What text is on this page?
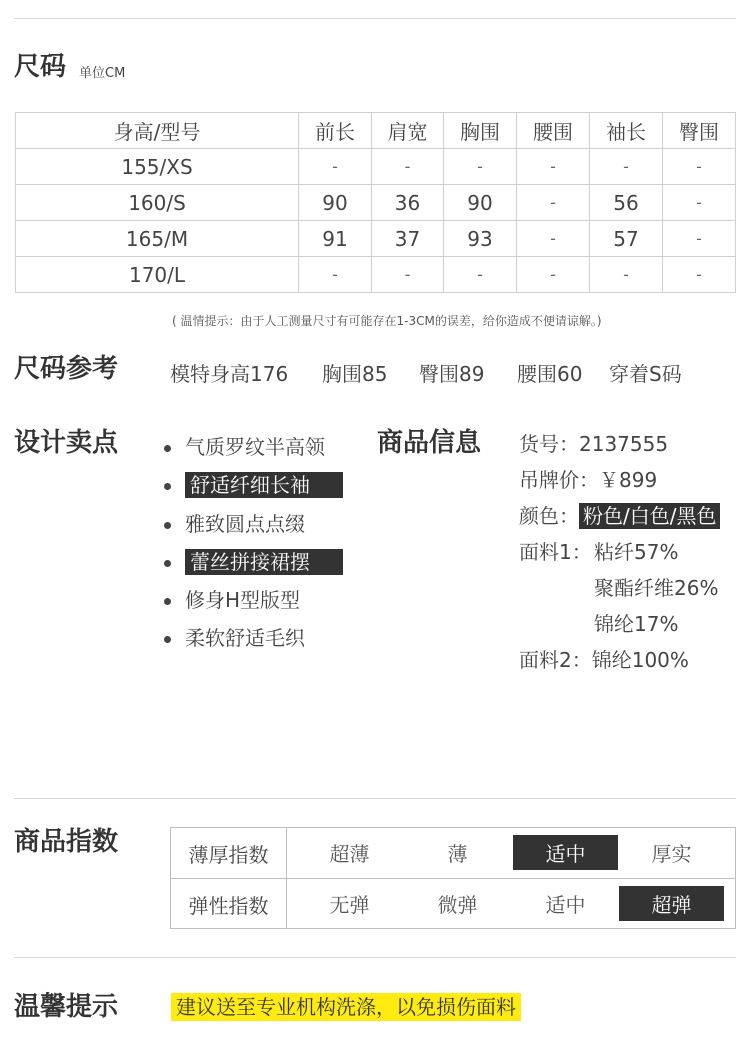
尺码 单位CM
身高/型号	前长	肩宽	胸围	腰围	袖长	臀围
155/XS	-	-	-	-	-	-
160/S	90	36	90	-	56	-
165/M	91	37	93	-	57	-
170/L	-	-	-	-	-	-
( 温情提示：由于人工测量尺寸有可能存在1-3CM的误差，给你造成不便请谅解。)
尺码参考	模特身高176 胸围85 臀围89 腰围60 穿着S码
设计卖点	气质罗纹半高领
舒适纤细长袖
雅致圆点点缀
蕾丝拼接裙摆
修身H型版型
柔软舒适毛织
商品信息 货号：2137555
吊牌价：￥899
颜色： 粉色/白色/黑色
面料1： 粘纤57%
聚酯纤维26%
锦纶17%
面料2：锦纶100%
商品指数	薄厚指数	超薄	薄	适中	厚实
弹性指数	无弹	微弹	适中	超弹
温馨提示	建议送至专业机构洗涤，以免损伤面料
